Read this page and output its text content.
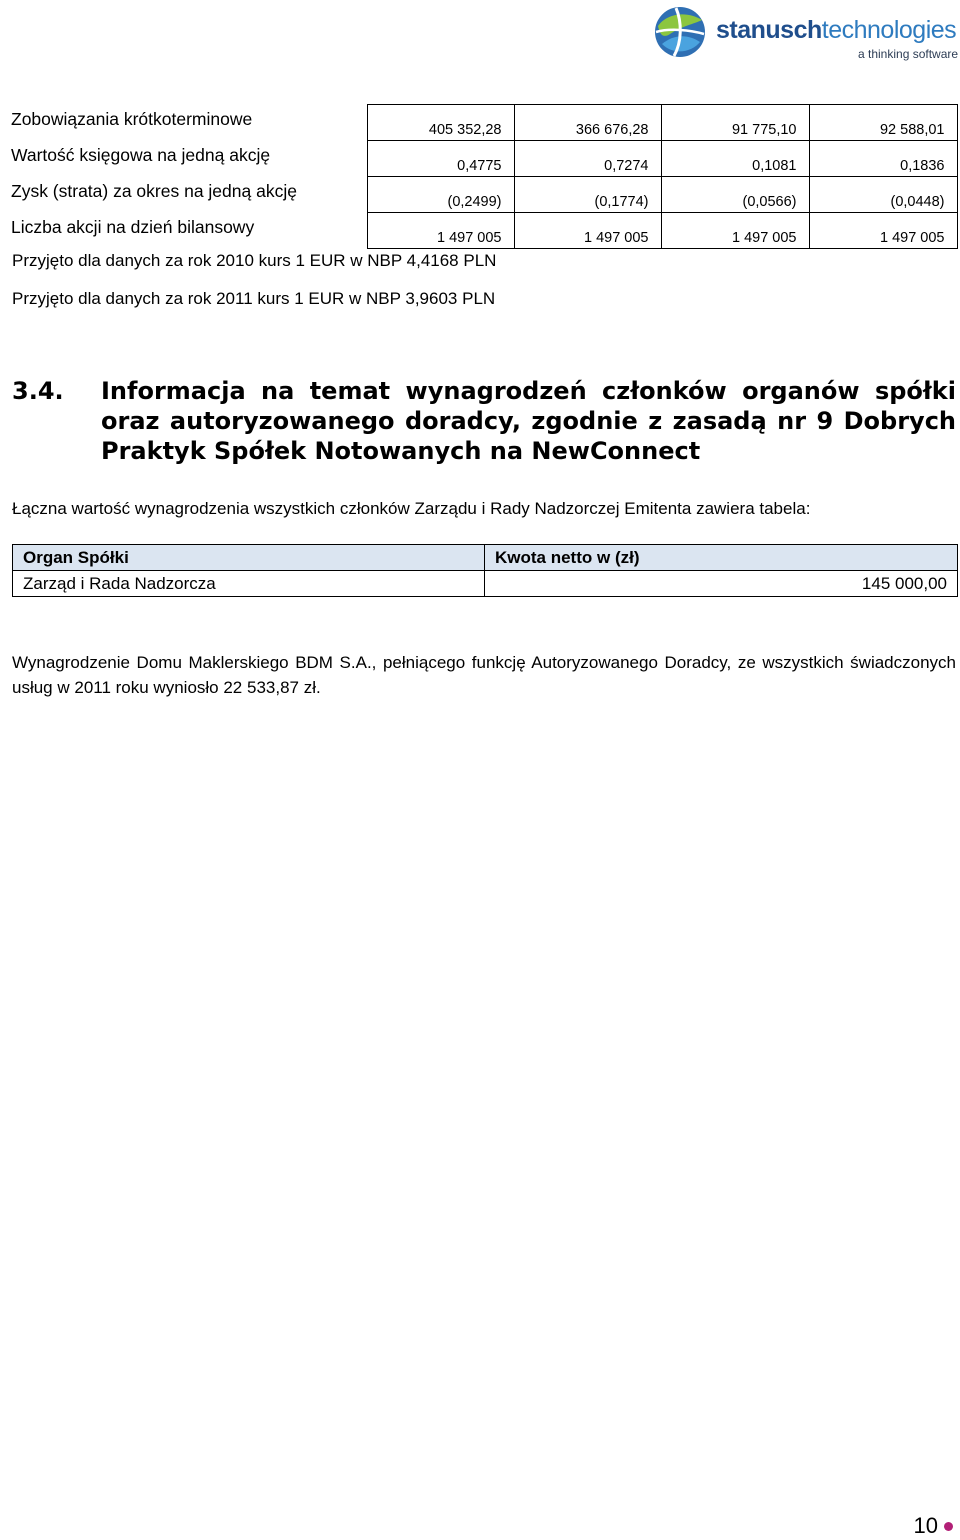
stanuschtechnologies
a thinking software
Zobowiązania krótkoterminowe	405 352,28	366 676,28	91 775,10	92 588,01
Wartość księgowa na jedną akcję	0,4775	0,7274	0,1081	0,1836
Zysk (strata) za okres na jedną akcję	(0,2499)	(0,1774)	(0,0566)	(0,0448)
Liczba akcji na dzień bilansowy	1 497 005	1 497 005	1 497 005	1 497 005
Przyjęto dla danych za rok 2010 kurs 1 EUR w NBP 4,4168 PLN
Przyjęto dla danych za rok 2011 kurs 1 EUR w NBP 3,9603 PLN
3.4. Informacja na temat wynagrodzeń członków organów spółki oraz autoryzowanego doradcy, zgodnie z zasadą nr 9 Dobrych Praktyk Spółek Notowanych na NewConnect
Łączna wartość wynagrodzenia wszystkich członków Zarządu i Rady Nadzorczej Emitenta zawiera tabela:
Organ Spółki	Kwota netto w (zł)
Zarząd i Rada Nadzorcza	145 000,00
Wynagrodzenie Domu Maklerskiego BDM S.A., pełniącego funkcję Autoryzowanego Doradcy, ze wszystkich świadczonych usług w 2011 roku wyniosło 22 533,87 zł.
10
